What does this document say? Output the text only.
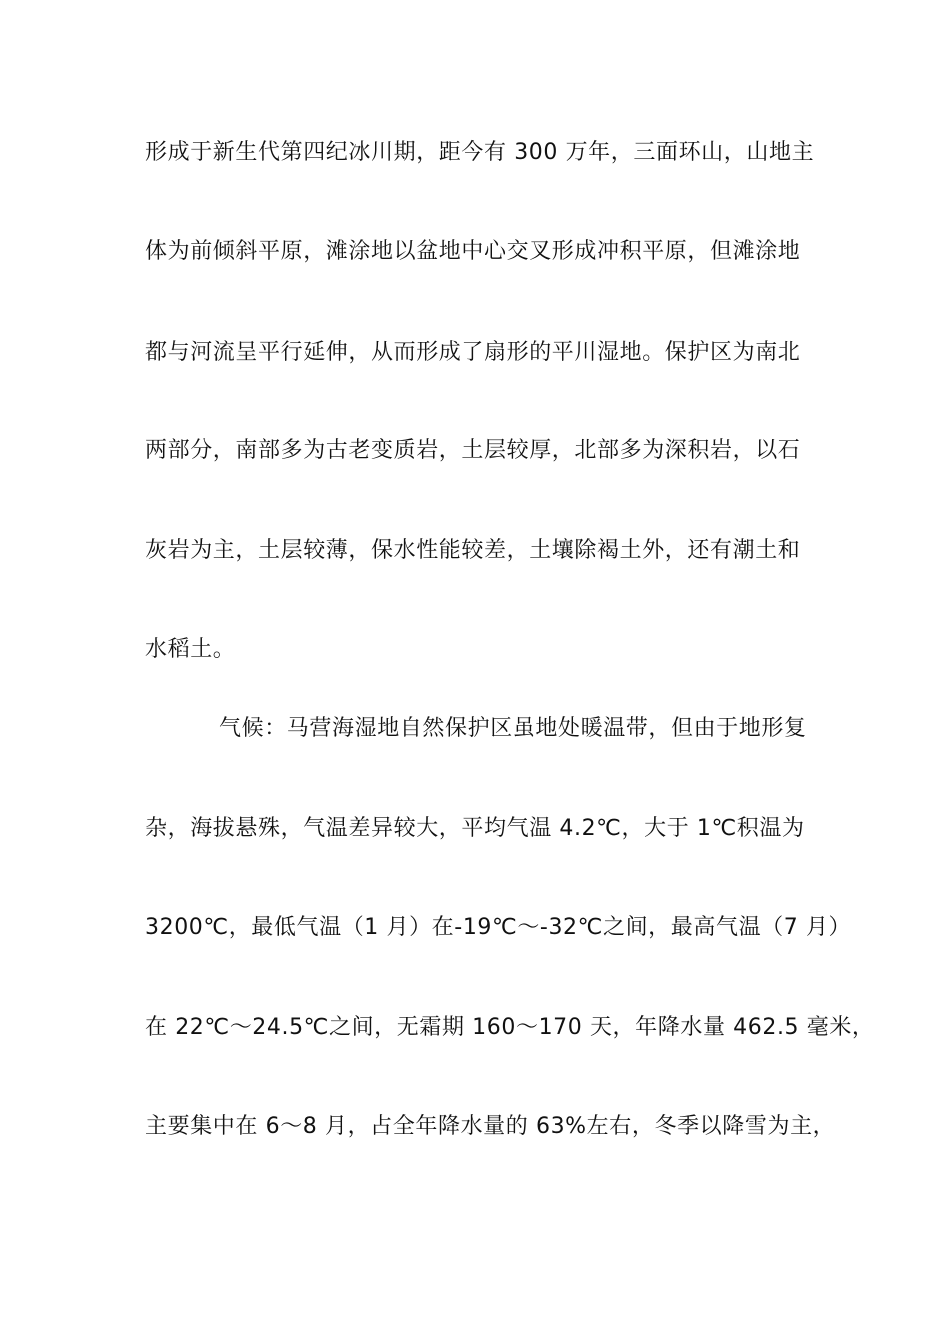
形成于新生代第四纪冰川期，距今有 300 万年，三面环山，山地主
体为前倾斜平原，滩涂地以盆地中心交叉形成冲积平原，但滩涂地
都与河流呈平行延伸，从而形成了扇形的平川湿地。保护区为南北
两部分，南部多为古老变质岩，土层较厚，北部多为深积岩，以石
灰岩为主，土层较薄，保水性能较差，土壤除褐土外，还有潮土和
水稻土。
气候：马营海湿地自然保护区虽地处暖温带，但由于地形复
杂，海拔悬殊，气温差异较大，平均气温 4.2℃，大于 1℃积温为
3200℃，最低气温（1 月）在-19℃～-32℃之间，最高气温（7 月）
在 22℃～24.5℃之间，无霜期 160～170 天，年降水量 462.5 毫米，
主要集中在 6～8 月，占全年降水量的 63%左右，冬季以降雪为主，
